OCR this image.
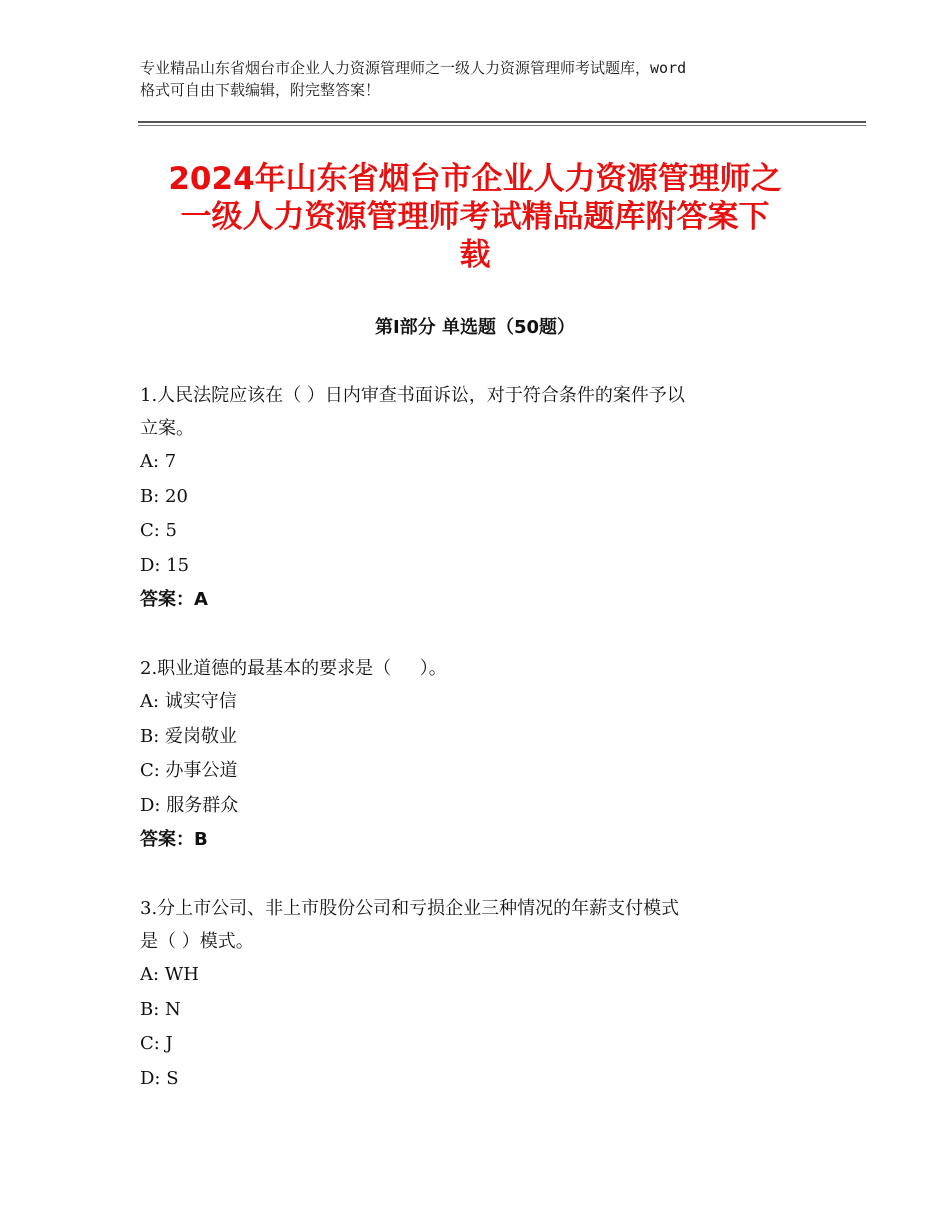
专业精品山东省烟台市企业人力资源管理师之一级人力资源管理师考试题库，word
格式可自由下载编辑，附完整答案！
2024年山东省烟台市企业人力资源管理师之
一级人力资源管理师考试精品题库附答案下
载
第Ⅰ部分 单选题（50题）

1.人民法院应该在（ ）日内审查书面诉讼，对于符合条件的案件予以

立案。

A: 7

B: 20

C: 5

D: 15

答案：A

2.职业道德的最基本的要求是（     ）。

A: 诚实守信

B: 爱岗敬业

C: 办事公道

D: 服务群众

答案：B

3.分上市公司、非上市股份公司和亏损企业三种情况的年薪支付模式

是（ ）模式。

A: WH

B: N

C: J

D: S
